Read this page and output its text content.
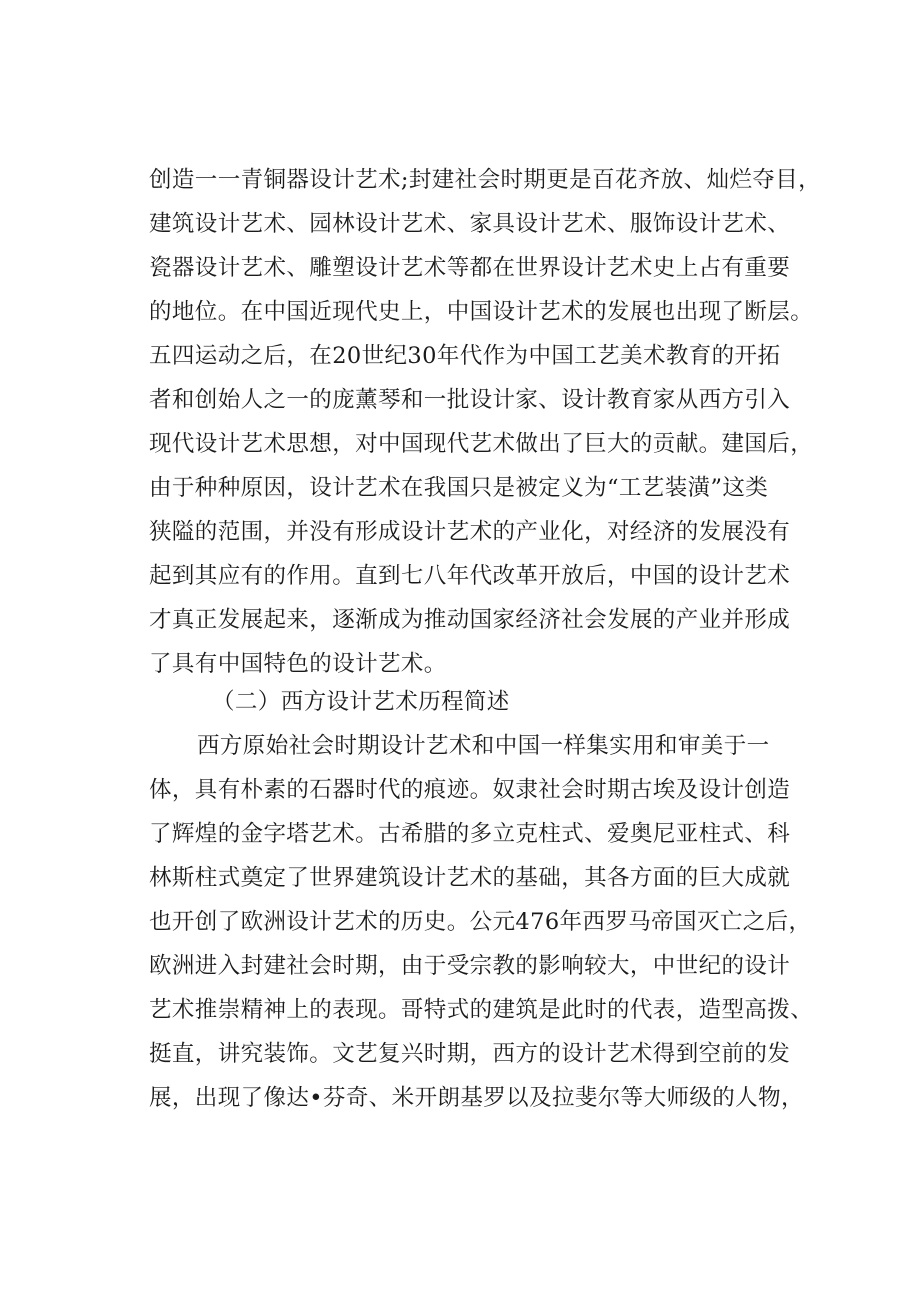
创造一一青铜器设计艺术;封建社会时期更是百花齐放、灿烂夺目，
建筑设计艺术、园林设计艺术、家具设计艺术、服饰设计艺术、
瓷器设计艺术、雕塑设计艺术等都在世界设计艺术史上占有重要
的地位。在中国近现代史上，中国设计艺术的发展也出现了断层。
五四运动之后，在20世纪30年代作为中国工艺美术教育的开拓
者和创始人之一的庞薰琴和一批设计家、设计教育家从西方引入
现代设计艺术思想，对中国现代艺术做出了巨大的贡献。建国后，
由于种种原因，设计艺术在我国只是被定义为“工艺装潢”这类
狭隘的范围，并没有形成设计艺术的产业化，对经济的发展没有
起到其应有的作用。直到七八年代改革开放后，中国的设计艺术
才真正发展起来，逐渐成为推动国家经济社会发展的产业并形成
了具有中国特色的设计艺术。
（二）西方设计艺术历程简述
西方原始社会时期设计艺术和中国一样集实用和审美于一
体，具有朴素的石器时代的痕迹。奴隶社会时期古埃及设计创造
了辉煌的金字塔艺术。古希腊的多立克柱式、爱奥尼亚柱式、科
林斯柱式奠定了世界建筑设计艺术的基础，其各方面的巨大成就
也开创了欧洲设计艺术的历史。公元476年西罗马帝国灭亡之后，
欧洲进入封建社会时期，由于受宗教的影响较大，中世纪的设计
艺术推崇精神上的表现。哥特式的建筑是此时的代表，造型高拨、
挺直，讲究装饰。文艺复兴时期，西方的设计艺术得到空前的发
展，出现了像达•芬奇、米开朗基罗以及拉斐尔等大师级的人物，
